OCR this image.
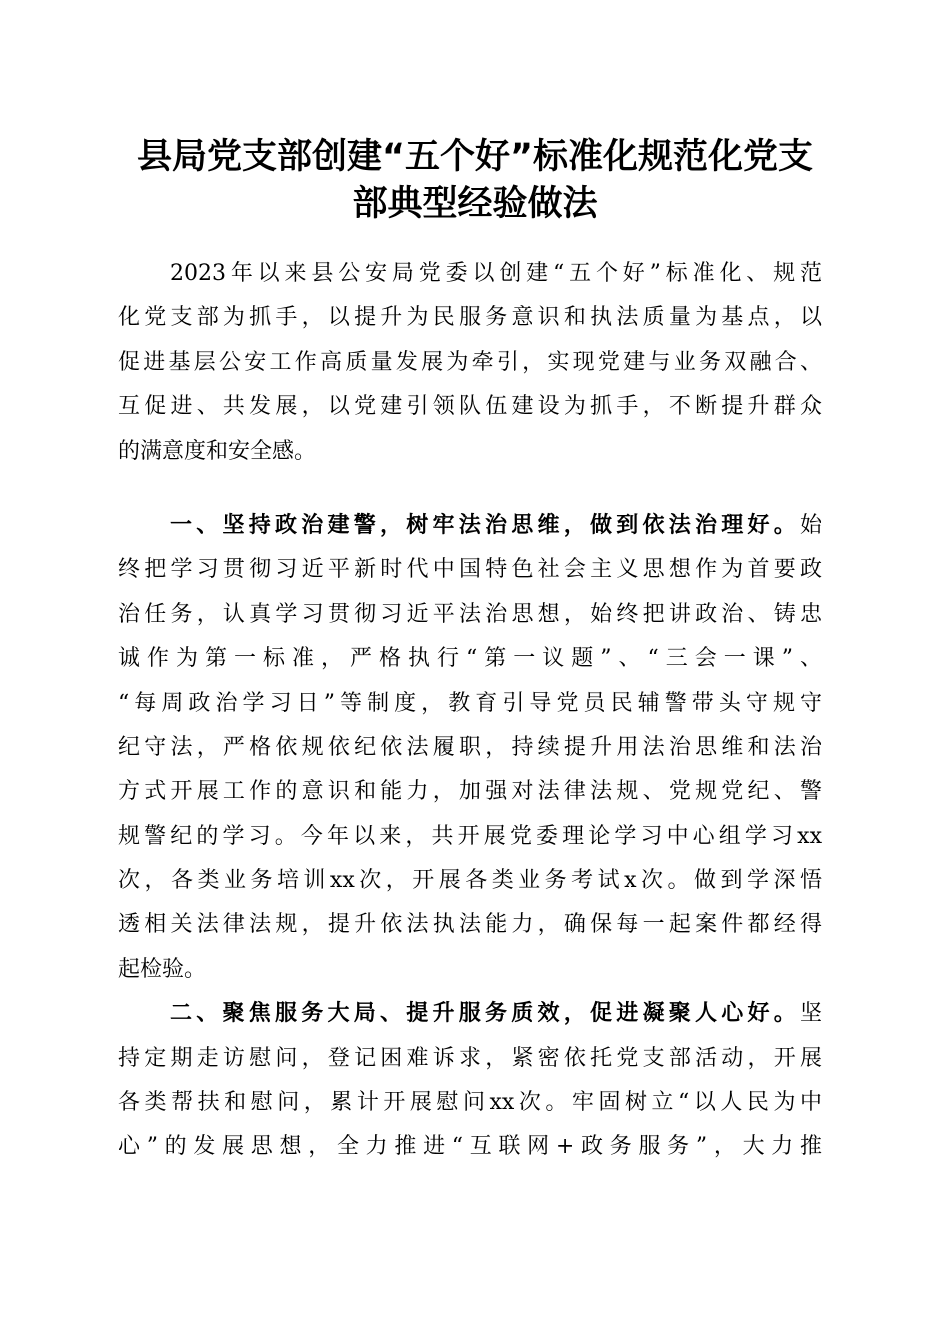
县局党支部创建“五个好”标准化规范化党支
部典型经验做法
2023年以来县公安局党委以创建“五个好”标准化、规范
化党支部为抓手，以提升为民服务意识和执法质量为基点，以
促进基层公安工作高质量发展为牵引，实现党建与业务双融合、
互促进、共发展，以党建引领队伍建设为抓手，不断提升群众
的满意度和安全感。
一、坚持政治建警，树牢法治思维，做到依法治理好。始
终把学习贯彻习近平新时代中国特色社会主义思想作为首要政
治任务，认真学习贯彻习近平法治思想，始终把讲政治、铸忠
诚作为第一标准，严格执行“第一议题”、“三会一课”、
“每周政治学习日”等制度，教育引导党员民辅警带头守规守
纪守法，严格依规依纪依法履职，持续提升用法治思维和法治
方式开展工作的意识和能力，加强对法律法规、党规党纪、警
规警纪的学习。今年以来，共开展党委理论学习中心组学习xx
次，各类业务培训xx次，开展各类业务考试x次。做到学深悟
透相关法律法规，提升依法执法能力，确保每一起案件都经得
起检验。
二、聚焦服务大局、提升服务质效，促进凝聚人心好。坚
持定期走访慰问，登记困难诉求，紧密依托党支部活动，开展
各类帮扶和慰问，累计开展慰问xx次。牢固树立“以人民为中
心”的发展思想，全力推进“互联网+政务服务”，大力推
